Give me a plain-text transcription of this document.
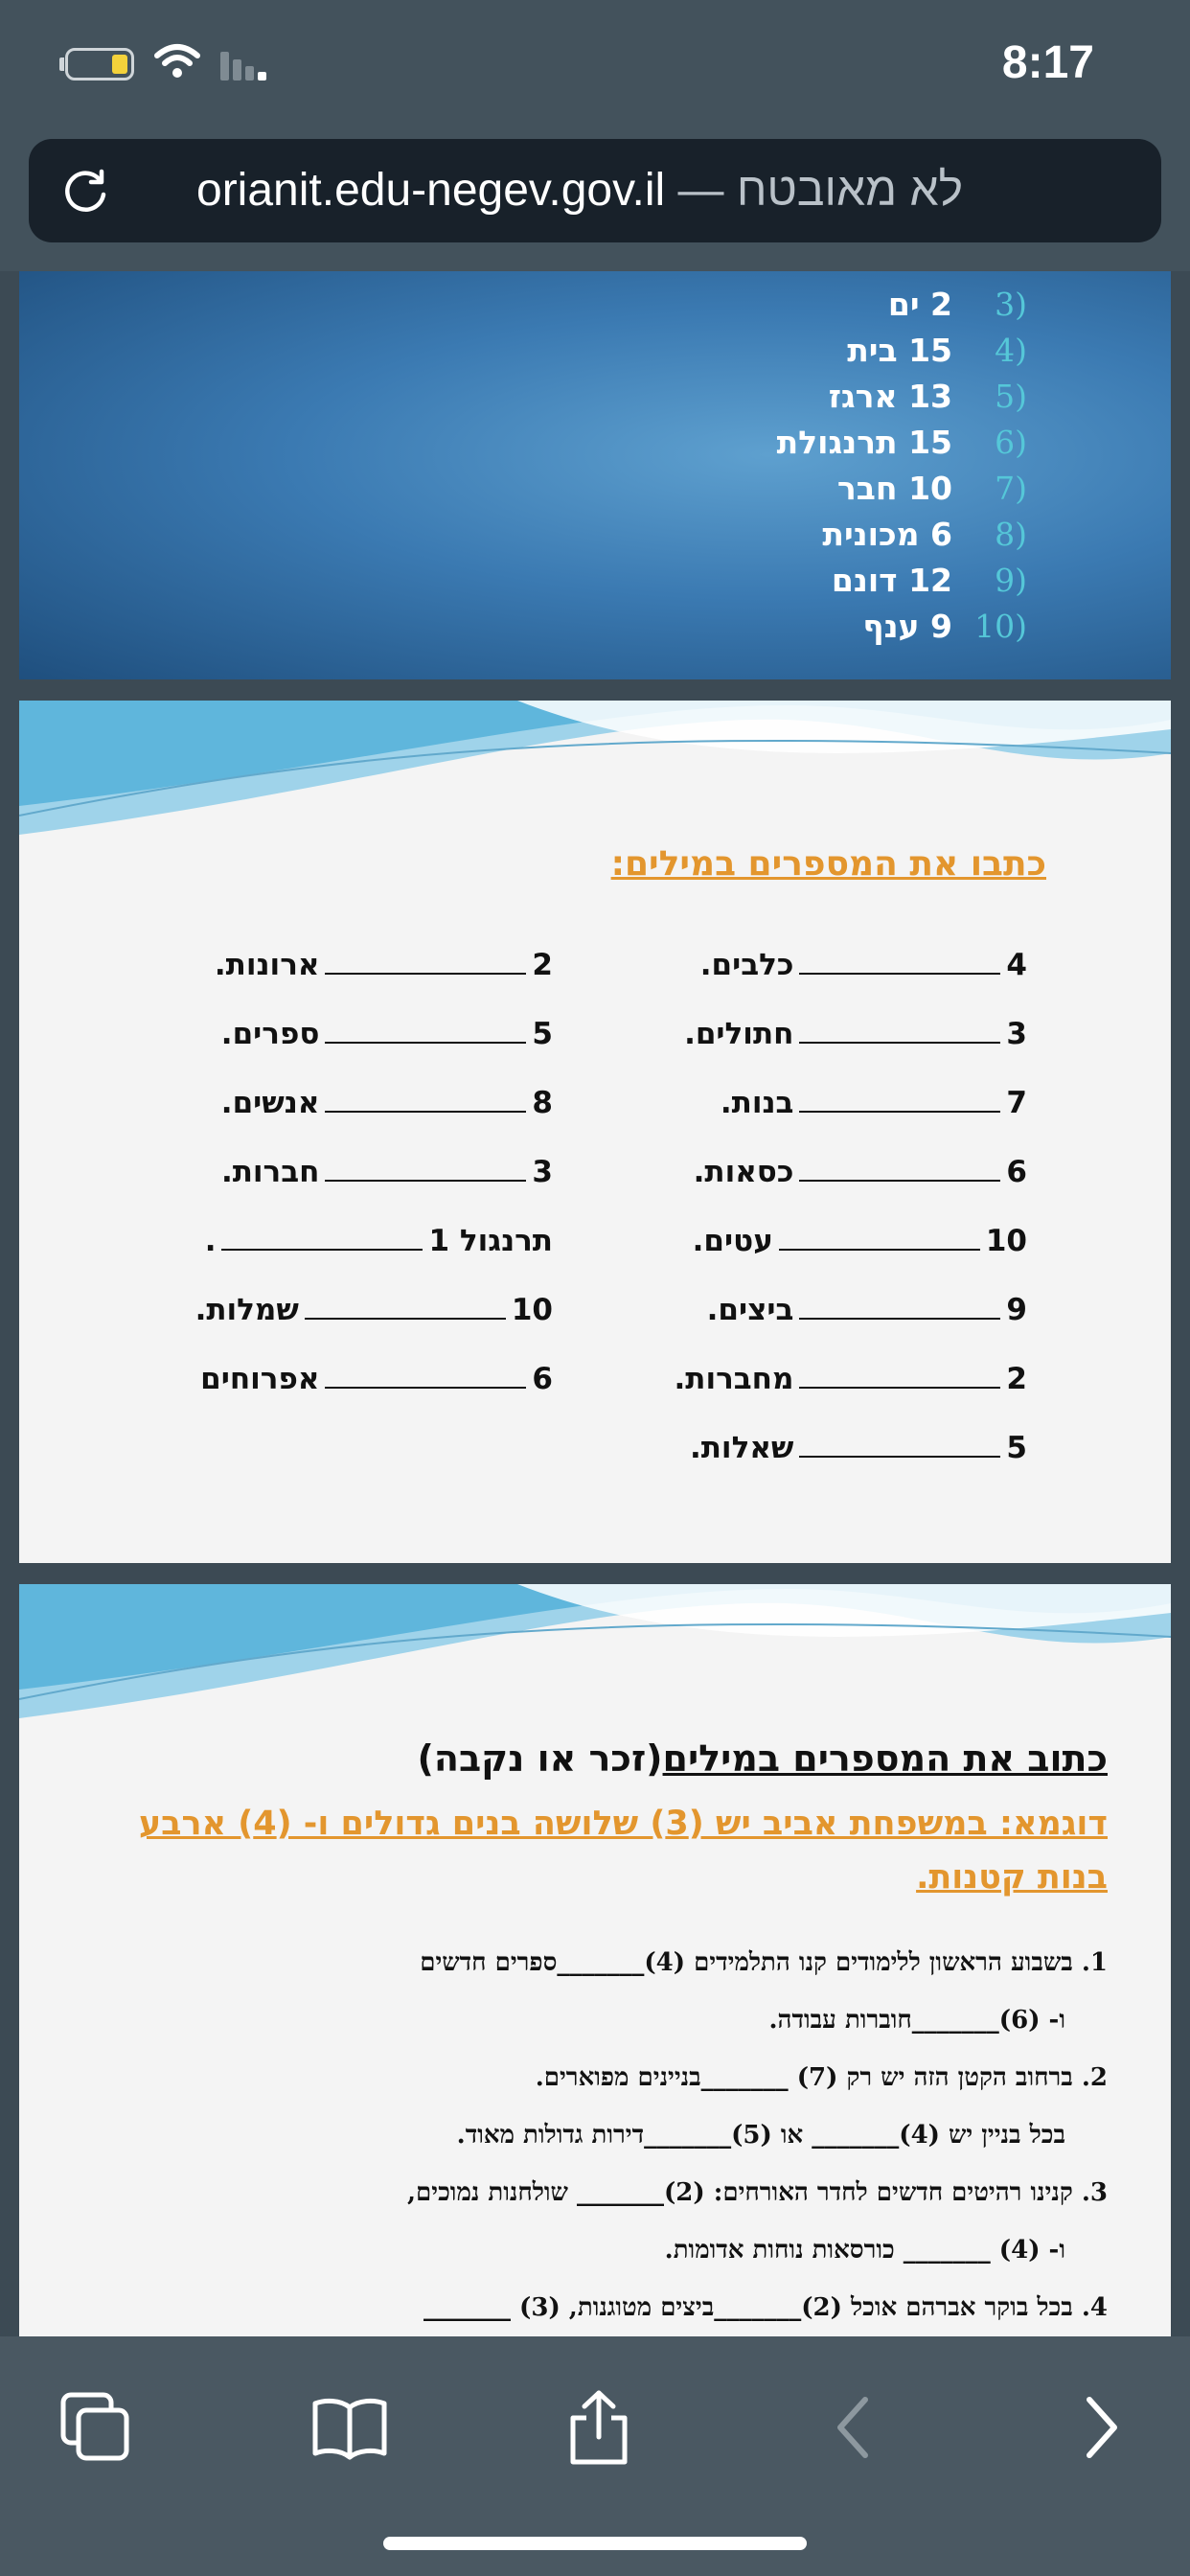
8:17
orianit.edu-negev.gov.il — לא מאובטח
(3
2 ים
(4
15 בית
(5
13 ארגז
(6
15 תרנגולת
(7
10 חבר
(8
6 מכונית
(9
12 דונם
(10
9 ענף
כתבו את המספרים במילים:
4כלבים.
3חתולים.
7בנות.
6כסאות.
10עטים.
9ביצים.
2מחברות.
5שאלות.
2ארונות.
5ספרים.
8אנשים.
3חברות.
תרנגול 1.
10שמלות.
6אפרוחים
כתוב את המספרים במילים(זכר או נקבה)
דוגמא: במשפחת אביב יש (3) שלושה בנים גדולים ו- (4) ארבע בנות קטנות.
1. בשבוע הראשון ללימודים קנו התלמידים (4)_______ספרים חדשים
ו- (6)_______חוברות עבודה.
2. ברחוב הקטן הזה יש רק (7) _______בניינים מפוארים.
בכל בניין יש (4)_______ או (5)_______דירות גדולות מאוד.
3. קנינו רהיטים חדשים לחדר האורחים: (2)_______ שולחנות נמוכים,
ו- (4) _______ כורסאות נוחות אדומות.
4. בכל בוקר אברהם אוכל (2)_______ביצים מטוגנות, (3) _______
